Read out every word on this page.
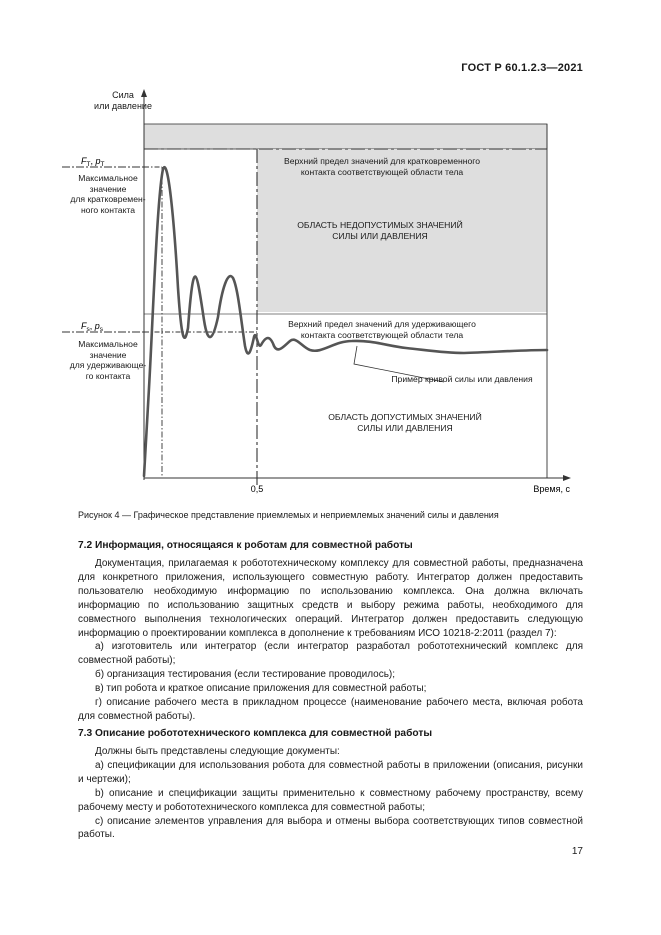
ГОСТ Р 60.1.2.3—2021
0,5	Время, с
$F_T$, $p_T$
$F_s$, $p_s$
Сила
или давление
Максимальное
значение
для кратковремен-
ного контакта
Максимальное
значение
для удерживающе-
го контакта
Верхний предел значений для кратковременного
контакта соответствующей области тела
ОБЛАСТЬ НЕДОПУСТИМЫХ ЗНАЧЕНИЙ
СИЛЫ ИЛИ ДАВЛЕНИЯ
Верхний предел значений для удерживающего
контакта соответствующей области тела
Пример кривой силы или давления
ОБЛАСТЬ ДОПУСТИМЫХ ЗНАЧЕНИЙ
СИЛЫ ИЛИ ДАВЛЕНИЯ
Рисунок 4 — Графическое представление приемлемых и неприемлемых значений силы и давления
7.2 Информация, относящаяся к роботам для совместной работы

Документация, прилагаемая к робототехническому комплексу для совместной работы, предназначена для конкретного приложения, использующего совместную работу. Интегратор должен предоставить пользователю необходимую информацию по использованию комплекса. Она должна включать информацию по использованию защитных средств и выбору режима работы, необходимого для совместного выполнения технологических операций. Интегратор должен предоставить следующую информацию о проектировании комплекса в дополнение к требованиям ИСО 10218-2:2011 (раздел 7):

а) изготовитель или интегратор (если интегратор разработал робототехнический комплекс для совместной работы);

б) организация тестирования (если тестирование проводилось);

в) тип робота и краткое описание приложения для совместной работы;

г) описание рабочего места в прикладном процессе (наименование рабочего места, включая робота для совместной работы).

7.3 Описание робототехнического комплекса для совместной работы

Должны быть представлены следующие документы:

a) спецификации для использования робота для совместной работы в приложении (описания, рисунки и чертежи);

b) описание и спецификации защиты применительно к совместному рабочему пространству, всему рабочему месту и робототехнического комплекса для совместной работы;

c) описание элементов управления для выбора и отмены выбора соответствующих типов совместной работы.

17
